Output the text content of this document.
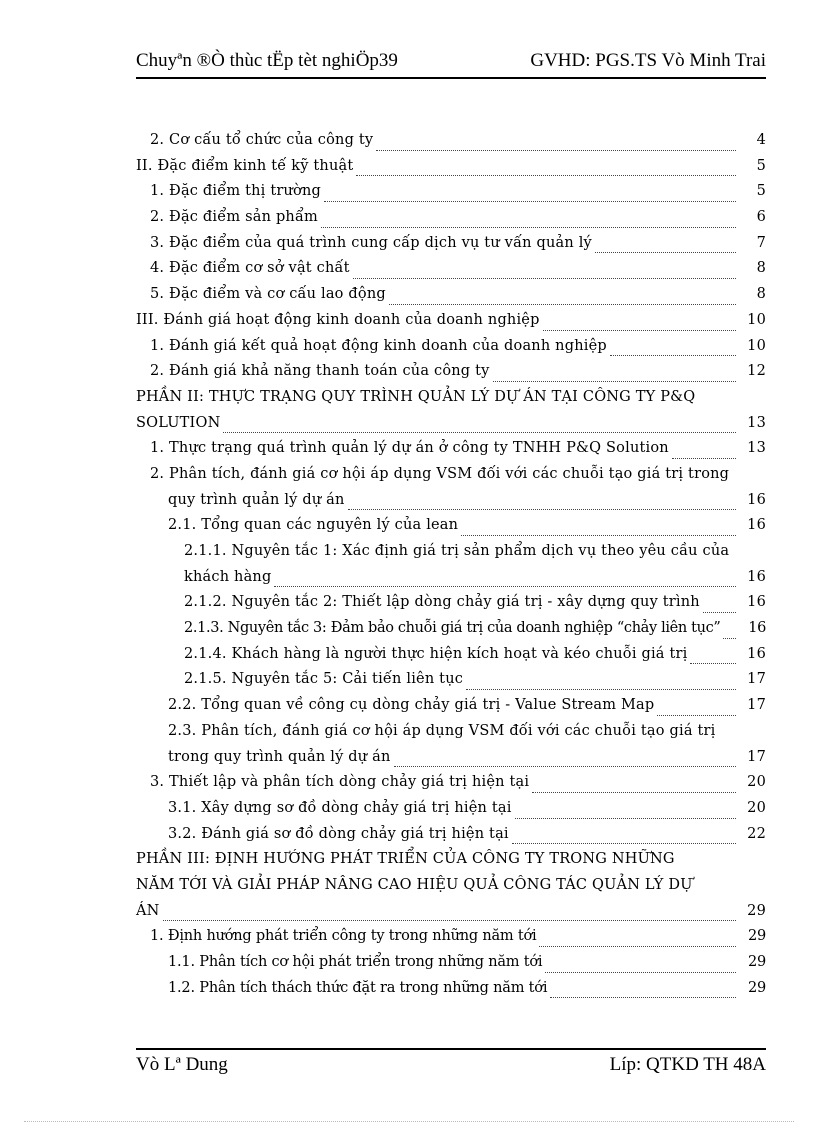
Chuyªn ®Ò thùc tËp tèt nghiÖp39	GVHD: PGS.TS Vò Minh Trai
2. Cơ cấu tổ chức của công ty	4
II. Đặc điểm kinh tế kỹ thuật	5
1. Đặc điểm thị trường	5
2. Đặc điểm sản phẩm	6
3. Đặc điểm của quá trình cung cấp dịch vụ tư vấn quản lý	7
4. Đặc điểm cơ sở vật chất	8
5. Đặc điểm và cơ cấu lao động	8
III. Đánh giá hoạt động kinh doanh của doanh nghiệp	10
1. Đánh giá kết quả hoạt động kinh doanh của doanh nghiệp	10
2. Đánh giá khả năng thanh toán của công ty	12
PHẦN II: THỰC TRẠNG QUY TRÌNH QUẢN LÝ DỰ ÁN TẠI CÔNG TY P&Q
SOLUTION	13
1. Thực trạng quá trình quản lý dự án ở công ty TNHH P&Q Solution	13
2. Phân tích, đánh giá cơ hội áp dụng VSM đối với các chuỗi tạo giá trị trong
quy trình quản lý dự án	16
2.1. Tổng quan các nguyên lý của lean	16
2.1.1. Nguyên tắc 1: Xác định giá trị sản phẩm dịch vụ theo yêu cầu của
khách hàng	16
2.1.2. Nguyên tắc 2: Thiết lập dòng chảy giá trị - xây dựng quy trình	16
2.1.3. Nguyên tắc 3: Đảm bảo chuỗi giá trị của doanh nghiệp “chảy liên tục”	16
2.1.4. Khách hàng là người thực hiện kích hoạt và kéo chuỗi giá trị	16
2.1.5. Nguyên tắc 5: Cải tiến liên tục	17
2.2. Tổng quan về công cụ dòng chảy giá trị - Value Stream Map	17
2.3. Phân tích, đánh giá cơ hội áp dụng VSM đối với các chuỗi tạo giá trị
trong quy trình quản lý dự án	17
3. Thiết lập và phân tích dòng chảy giá trị hiện tại	20
3.1. Xây dựng sơ đồ dòng chảy giá trị hiện tại	20
3.2. Đánh giá sơ đồ dòng chảy giá trị hiện tại	22
PHẦN III: ĐỊNH HƯỚNG PHÁT TRIỂN CỦA CÔNG TY TRONG NHỮNG
NĂM TỚI VÀ GIẢI PHÁP NÂNG CAO HIỆU QUẢ CÔNG TÁC QUẢN LÝ DỰ
ÁN	29
1. Định hướng phát triển công ty trong những năm tới	29
1.1. Phân tích cơ hội phát triển trong những năm tới	29
1.2. Phân tích thách thức đặt ra trong những năm tới	29
Vò Lª Dung	Líp: QTKD TH 48A
